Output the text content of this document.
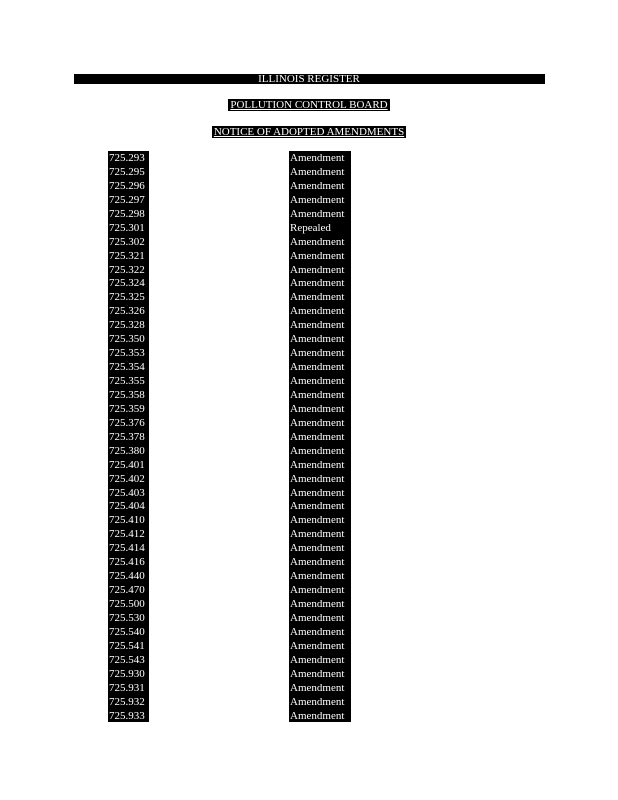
ILLINOIS REGISTER
POLLUTION CONTROL BOARD
NOTICE OF ADOPTED AMENDMENTS
725.293	Amendment
725.295	Amendment
725.296	Amendment
725.297	Amendment
725.298	Amendment
725.301	Repealed
725.302	Amendment
725.321	Amendment
725.322	Amendment
725.324	Amendment
725.325	Amendment
725.326	Amendment
725.328	Amendment
725.350	Amendment
725.353	Amendment
725.354	Amendment
725.355	Amendment
725.358	Amendment
725.359	Amendment
725.376	Amendment
725.378	Amendment
725.380	Amendment
725.401	Amendment
725.402	Amendment
725.403	Amendment
725.404	Amendment
725.410	Amendment
725.412	Amendment
725.414	Amendment
725.416	Amendment
725.440	Amendment
725.470	Amendment
725.500	Amendment
725.530	Amendment
725.540	Amendment
725.541	Amendment
725.543	Amendment
725.930	Amendment
725.931	Amendment
725.932	Amendment
725.933	Amendment
